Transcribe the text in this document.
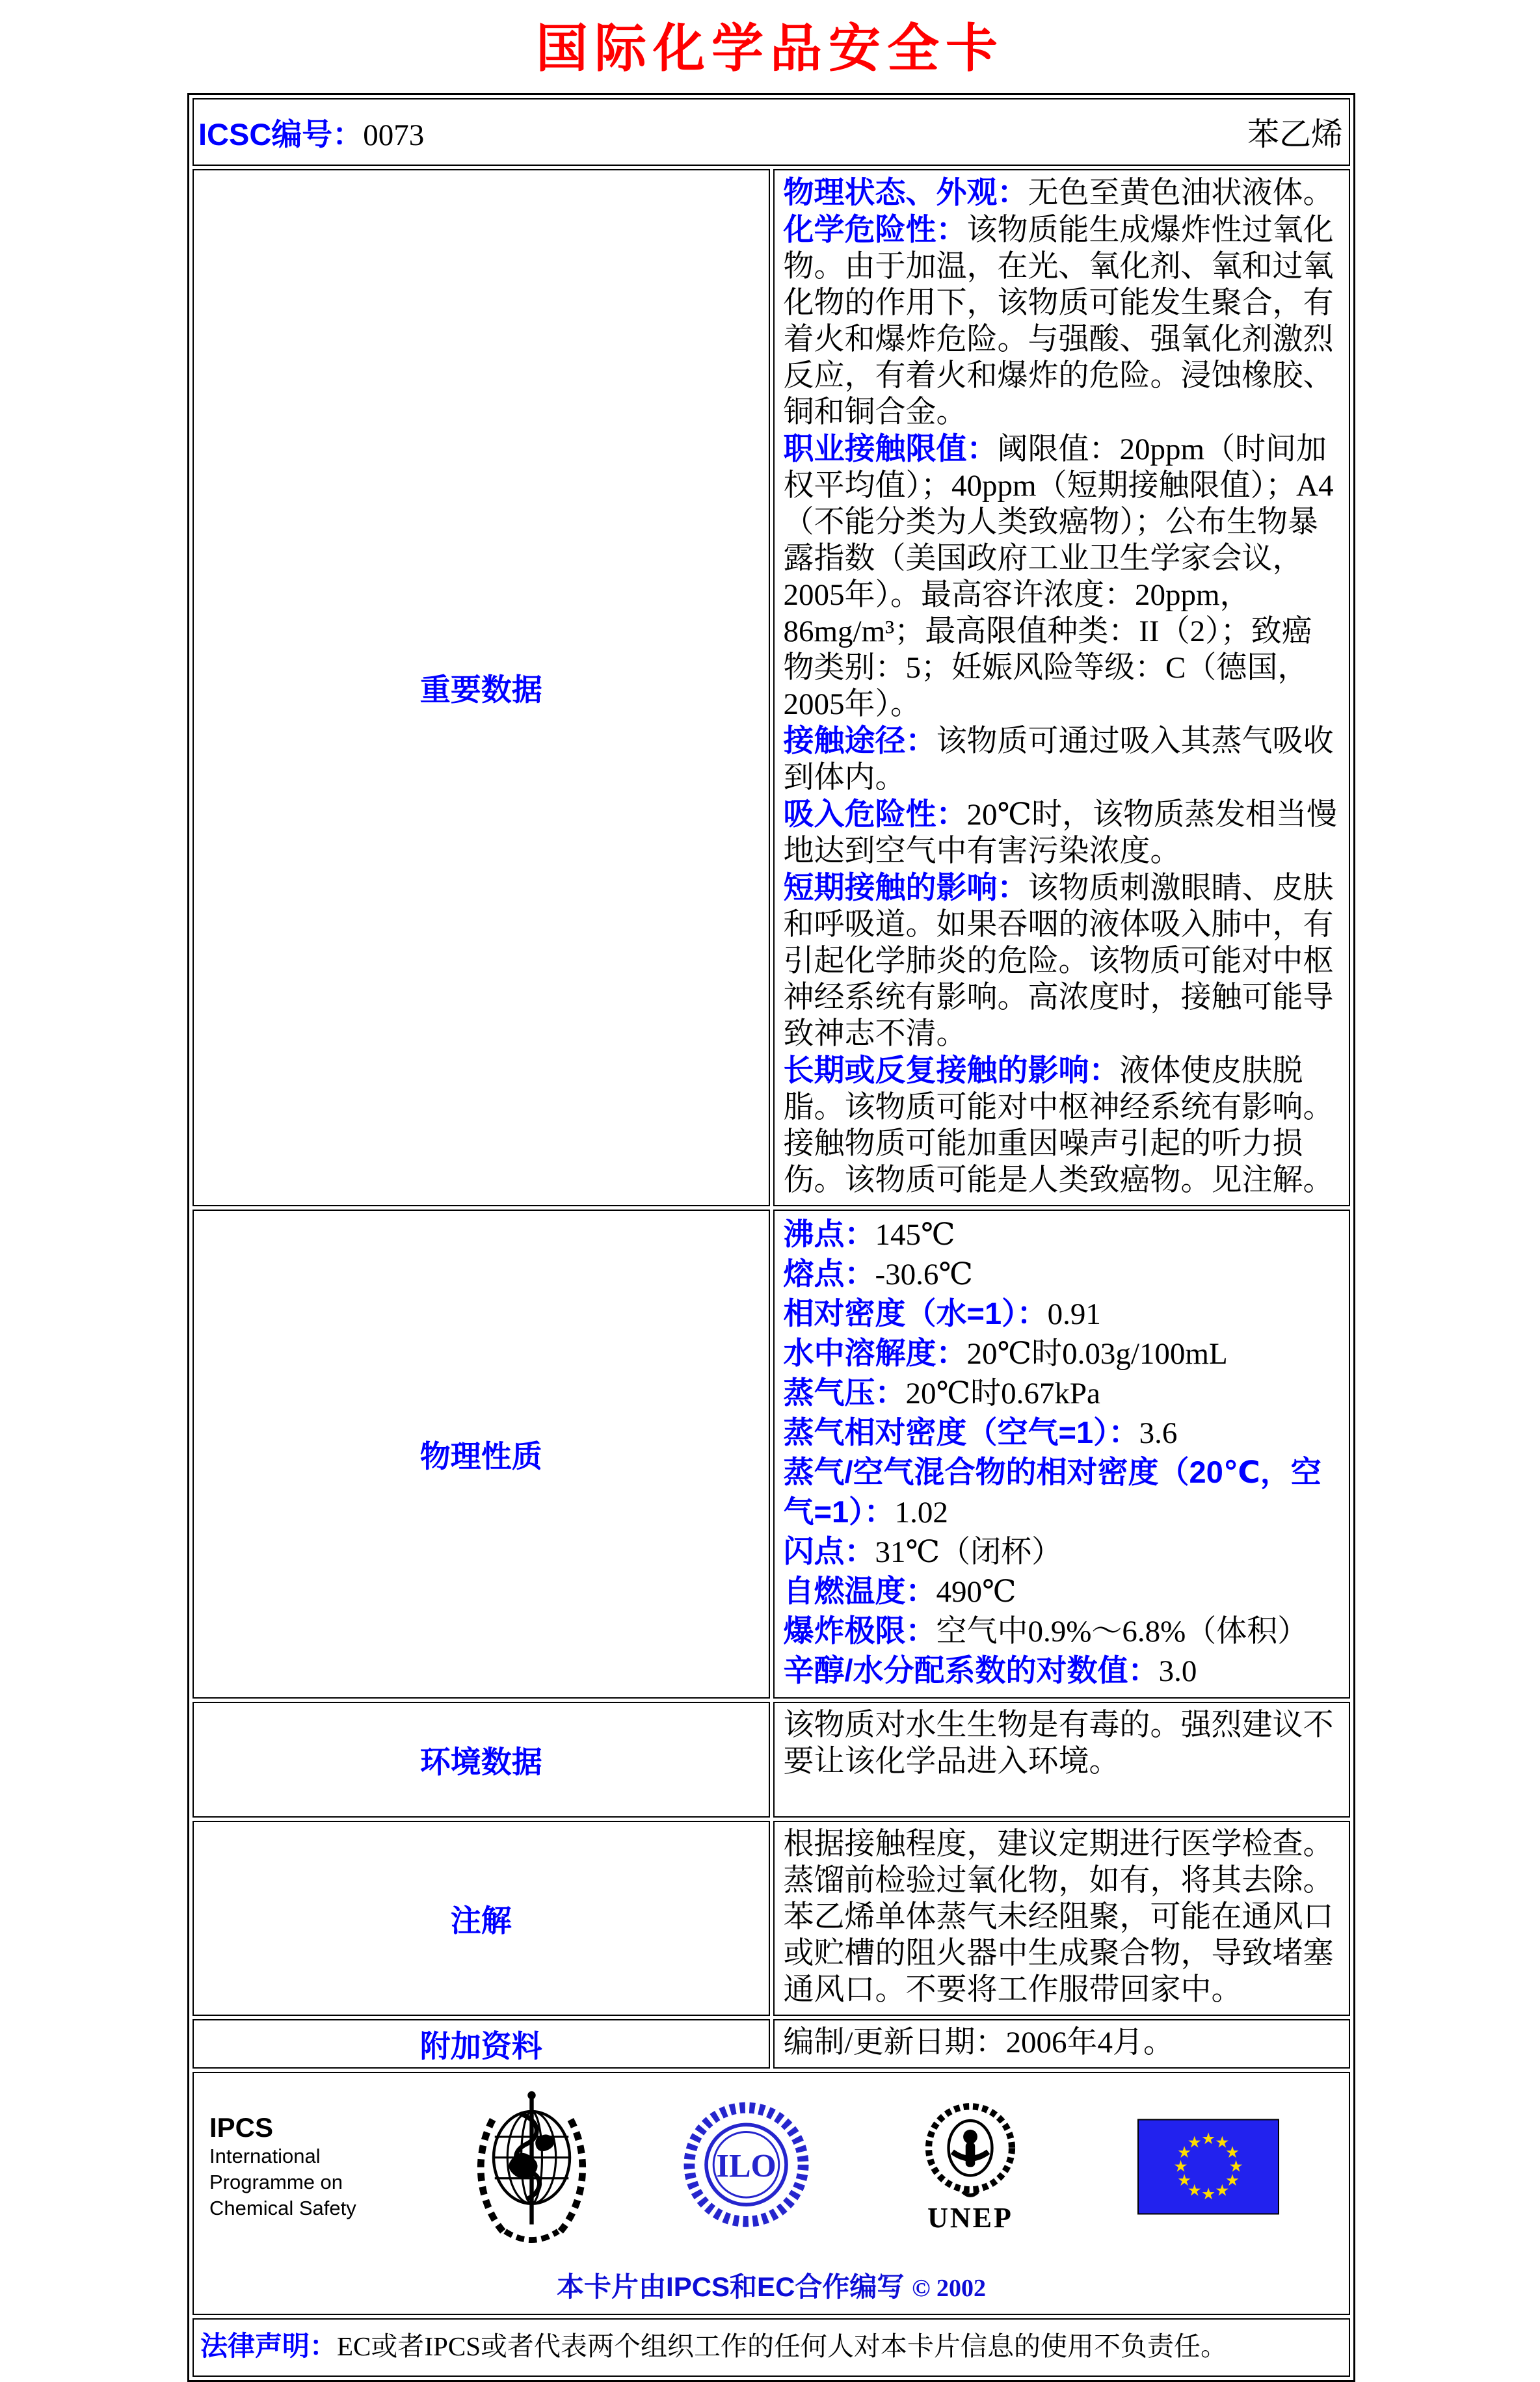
国际化学品安全卡
ICSC编号：0073 苯乙烯	

重要数据	
物理状态、外观：无色至黄色油状液体。
化学危险性：该物质能生成爆炸性过氧化物。由于加温，在光、氧化剂、氧和过氧化物的作用下，该物质可能发生聚合，有着火和爆炸危险。与强酸、强氧化剂激烈反应，有着火和爆炸的危险。浸蚀橡胶、铜和铜合金。
职业接触限值：阈限值：20ppm（时间加权平均值）；40ppm（短期接触限值）；A4（不能分类为人类致癌物）；公布生物暴露指数（美国政府工业卫生学家会议，2005年）。最高容许浓度：20ppm，86mg/m³；最高限值种类：II（2）；致癌物类别：5；妊娠风险等级：C（德国，2005年）。
接触途径：该物质可通过吸入其蒸气吸收到体内。
吸入危险性：20℃时，该物质蒸发相当慢地达到空气中有害污染浓度。
短期接触的影响：该物质刺激眼睛、皮肤和呼吸道。如果吞咽的液体吸入肺中，有引起化学肺炎的危险。该物质可能对中枢神经系统有影响。高浓度时，接触可能导致神志不清。
长期或反复接触的影响：液体使皮肤脱脂。该物质可能对中枢神经系统有影响。接触物质可能加重因噪声引起的听力损伤。该物质可能是人类致癌物。见注解。

物理性质	
沸点：145℃
熔点：-30.6℃
相对密度（水=1）：0.91
水中溶解度：20℃时0.03g/100mL
蒸气压：20℃时0.67kPa
蒸气相对密度（空气=1）：3.6
蒸气/空气混合物的相对密度（20℃，空气=1）：1.02
闪点：31℃（闭杯）
自燃温度：490℃
爆炸极限：空气中0.9%～6.8%（体积）
辛醇/水分配系数的对数值：3.0

环境数据	该物质对水生生物是有毒的。强烈建议不要让该化学品进入环境。
注解	根据接触程度，建议定期进行医学检查。蒸馏前检验过氧化物，如有，将其去除。苯乙烯单体蒸气未经阻聚，可能在通风口或贮槽的阻火器中生成聚合物，导致堵塞通风口。不要将工作服带回家中。
附加资料	编制/更新日期：2006年4月。

IPCS
International
Programme on
Chemical Safety
ILO
UNEP
★ ★
★
★
★
★
★
★
★
★
★
★
本卡片由IPCS和EC合作编写 © 2002

法律声明：EC或者IPCS或者代表两个组织工作的任何人对本卡片信息的使用不负责任。	
